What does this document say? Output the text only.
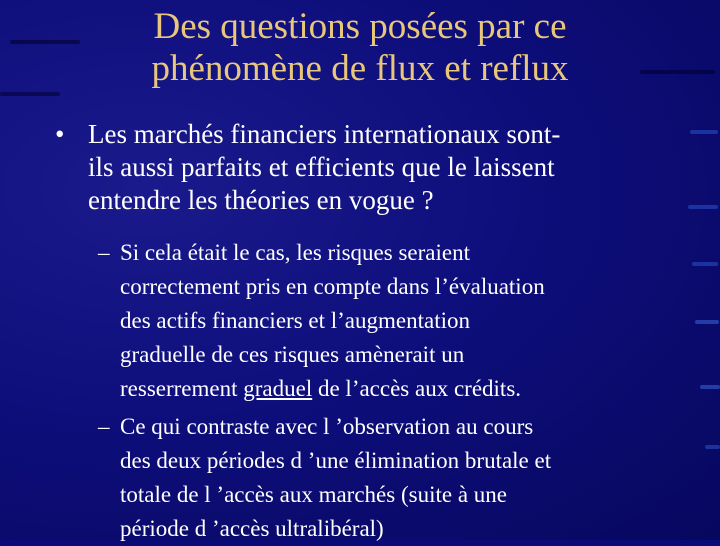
Des questions posées par ce
phénomène de flux et reflux
• Les marchés financiers internationaux sont-
ils aussi parfaits et efficients que le laissent
entendre les théories en vogue ?
– Si cela était le cas, les risques seraient
correctement pris en compte dans l’évaluation
des actifs financiers et l’augmentation
graduelle de ces risques amènerait un
resserrement graduel de l’accès aux crédits.
– Ce qui contraste avec l ’observation au cours
des deux périodes d ’une élimination brutale et
totale de l ’accès aux marchés (suite à une
période d ’accès ultralibéral)
